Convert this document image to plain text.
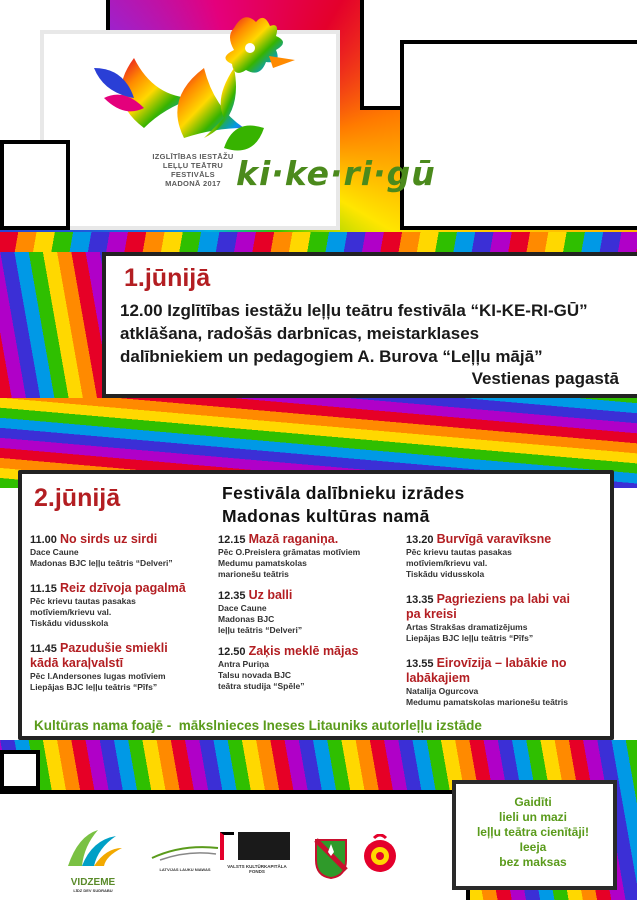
IZGLĪTĪBAS IESTĀŽU
LEĻĻU TEĀTRU
FESTIVĀLS
MADONĀ 2017 ki·ke·ri·gū
1.jūnijā
12.00 Izglītības iestāžu leļļu teātru festivāla “KI-KE-RI-GŪ”
atklāšana, radošās darbnīcas, meistarklases
dalībniekiem un pedagogiem A. Burova “Leļļu mājā”
Vestienas pagastā
2.jūnijā	Festivāla dalībnieku izrādes
Madonas kultūras namā
11.00 No sirds uz sirdi
Dace Caune
Madonas BJC leļļu teātris “Delveri”
11.15 Reiz dzīvoja pagalmā
Pēc krievu tautas pasakas
motīviem/krievu val.
Tiskādu vidusskola
11.45 Pazudušie smiekli kādā karaļvalstī
Pēc I.Andersones lugas motīviem
Liepājas BJC leļļu teātris “Pīfs”
12.15 Mazā raganiņa.
Pēc O.Preislera grāmatas motīviem
Medumu pamatskolas
marionešu teātris
12.35 Uz balli
Dace Caune
Madonas BJC
leļļu teātris “Delveri”
12.50 Zaķis meklē mājas
Antra Puriņa
Talsu novada BJC
teātra studija “Spēle”
13.20 Burvīgā varavīksne
Pēc krievu tautas pasakas
motīviem/krievu val.
Tiskādu vidusskola
13.35 Pagrieziens pa labi vai pa kreisi
Artas Strakšas dramatizējums
Liepājas BJC leļļu teātris “Pīfs”
13.55 Eirovīzija – labākie no labākajiem
Natalija Ogurcova
Medumu pamatskolas marionešu teātris
Kultūras nama foajē -  mākslnieces Ineses Litauniks autorleļļu izstāde
Gaidīti
lieli un mazi
leļļu teātra cienītāji!
Ieeja
bez maksas
VIDZEME
LĪDZ DEV SUDRABU
LATVIJAS LAUKU NIAWAS
VALSTS KULTŪRKAPITĀLA FONDS
